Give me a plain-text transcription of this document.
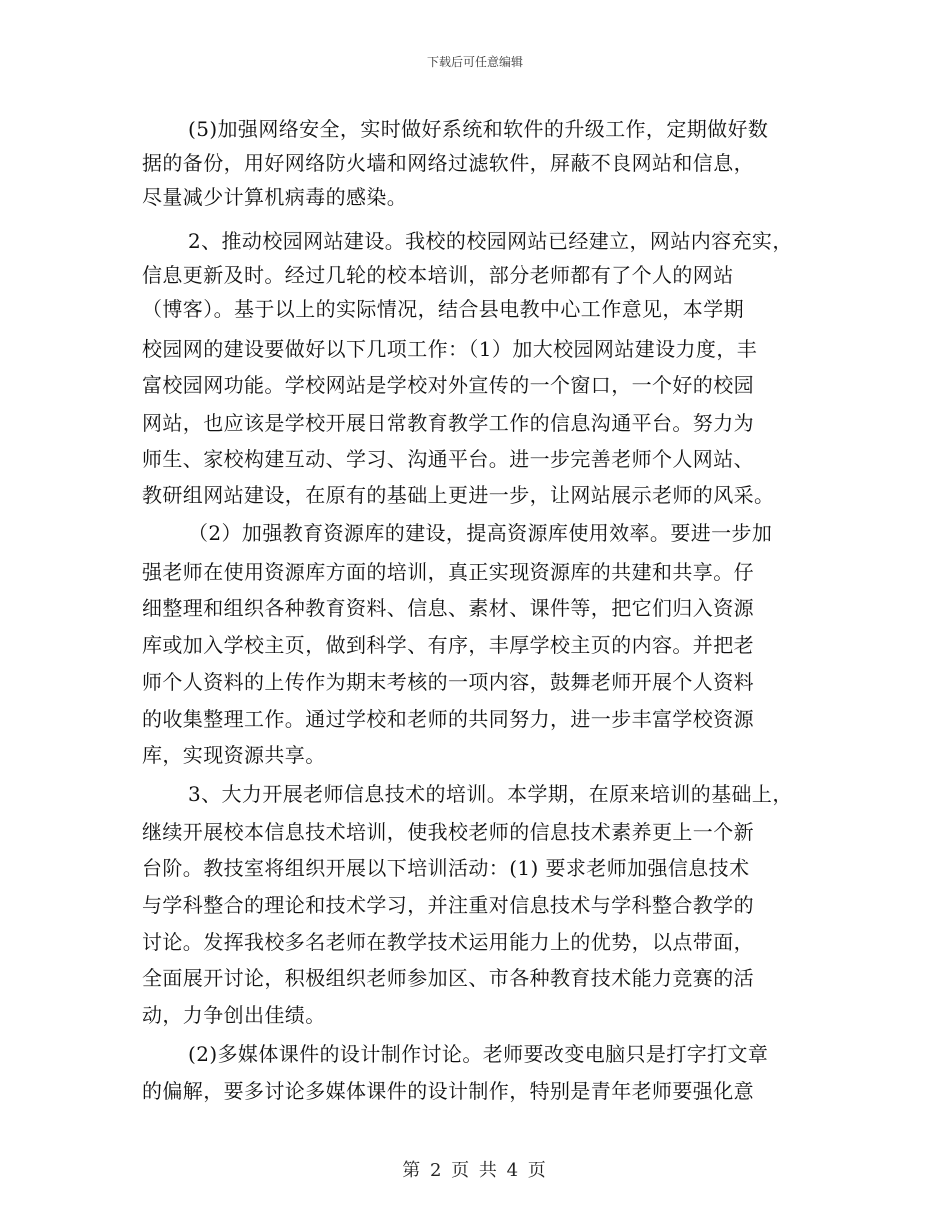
下载后可任意编辑
(5)加强网络安全，实时做好系统和软件的升级工作，定期做好数
据的备份，用好网络防火墙和网络过滤软件，屏蔽不良网站和信息，
尽量减少计算机病毒的感染。
2、推动校园网站建设。我校的校园网站已经建立，网站内容充实，
信息更新及时。经过几轮的校本培训，部分老师都有了个人的网站
（博客）。基于以上的实际情况，结合县电教中心工作意见，本学期
校园网的建设要做好以下几项工作：（1）加大校园网站建设力度，丰
富校园网功能。学校网站是学校对外宣传的一个窗口，一个好的校园
网站，也应该是学校开展日常教育教学工作的信息沟通平台。努力为
师生、家校构建互动、学习、沟通平台。进一步完善老师个人网站、
教研组网站建设，在原有的基础上更进一步，让网站展示老师的风采。
（2）加强教育资源库的建设，提高资源库使用效率。要进一步加
强老师在使用资源库方面的培训，真正实现资源库的共建和共享。仔
细整理和组织各种教育资料、信息、素材、课件等，把它们归入资源
库或加入学校主页，做到科学、有序，丰厚学校主页的内容。并把老
师个人资料的上传作为期末考核的一项内容，鼓舞老师开展个人资料
的收集整理工作。通过学校和老师的共同努力，进一步丰富学校资源
库，实现资源共享。
3、大力开展老师信息技术的培训。本学期，在原来培训的基础上，
继续开展校本信息技术培训，使我校老师的信息技术素养更上一个新
台阶。教技室将组织开展以下培训活动：(1) 要求老师加强信息技术
与学科整合的理论和技术学习，并注重对信息技术与学科整合教学的
讨论。发挥我校多名老师在教学技术运用能力上的优势，以点带面，
全面展开讨论，积极组织老师参加区、市各种教育技术能力竞赛的活
动，力争创出佳绩。
(2)多媒体课件的设计制作讨论。老师要改变电脑只是打字打文章
的偏解，要多讨论多媒体课件的设计制作，特别是青年老师要强化意
第 2 页 共 4 页
